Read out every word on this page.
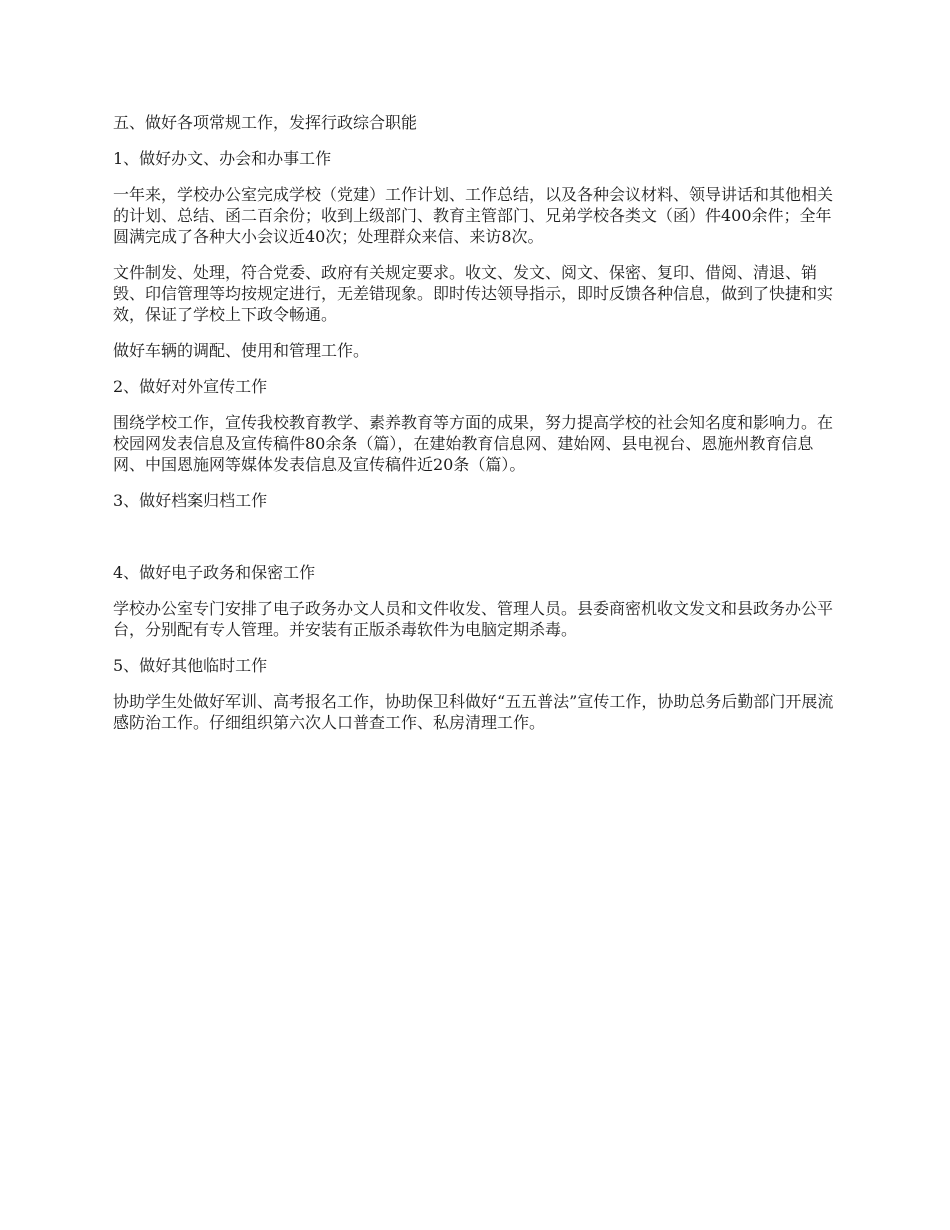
五、做好各项常规工作，发挥行政综合职能

1、做好办文、办会和办事工作

一年来，学校办公室完成学校（党建）工作计划、工作总结，以及各种会议材料、领导讲话和其他相关的计划、总结、函二百余份；收到上级部门、教育主管部门、兄弟学校各类文（函）件400余件；全年圆满完成了各种大小会议近40次；处理群众来信、来访8次。

文件制发、处理，符合党委、政府有关规定要求。收文、发文、阅文、保密、复印、借阅、清退、销毁、印信管理等均按规定进行，无差错现象。即时传达领导指示，即时反馈各种信息，做到了快捷和实效，保证了学校上下政令畅通。

做好车辆的调配、使用和管理工作。

2、做好对外宣传工作

围绕学校工作，宣传我校教育教学、素养教育等方面的成果，努力提高学校的社会知名度和影响力。在校园网发表信息及宣传稿件80余条（篇），在建始教育信息网、建始网、县电视台、恩施州教育信息网、中国恩施网等媒体发表信息及宣传稿件近20条（篇）。

3、做好档案归档工作

4、做好电子政务和保密工作

学校办公室专门安排了电子政务办文人员和文件收发、管理人员。县委商密机收文发文和县政务办公平台，分别配有专人管理。并安装有正版杀毒软件为电脑定期杀毒。

5、做好其他临时工作

协助学生处做好军训、高考报名工作，协助保卫科做好“五五普法”宣传工作，协助总务后勤部门开展流感防治工作。仔细组织第六次人口普查工作、私房清理工作。
